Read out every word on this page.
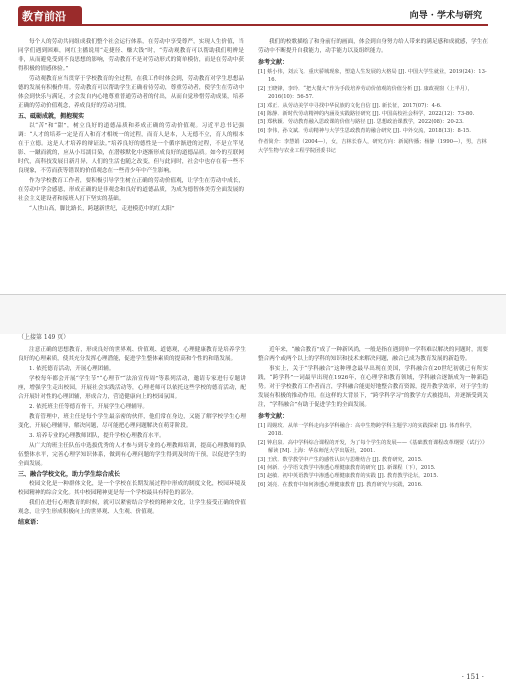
教育前沿	向导 · 学术与研究
每个人的劳动共同组成我们整个社会运行体系，在劳动中享受尊严，实现人生价值，当同学们遇到困难，网红主播说用“走捷径、赚大钱”时，“劳动观教育可以帮助我们明辨是非，从而避免受到不良思想的影响，劳动教育不是对劳动形式的简单模仿，而是在劳动中获得积极的情感体验。”
劳动观教育应当贯穿于学校教育的全过程，在我工作时体会到，劳动教育对学生思想品德的发展有积极作用。劳动教育可以帮助学生正确看待劳动，尊重劳动者，使学生在劳动中体会到快乐与满足，才会发自内心地尊重普通劳动者的付出，从而自觉珍惜劳动成果，培养正确的劳动价值观念，养成良好的劳动习惯。
五、砥砺成就，拥抱现实
以“苦”和“甜”，树立良好的道德品质和养成正确的劳动价值观。习近平总书记强调：“人才的培养一定是育人和育才相统一的过程，而育人是本，人无德不立，育人的根本在于立德。这是人才培养的辩证法。”培养良好的德性是一个循序渐进的过程，不是立竿见影、一蹴而就的，应从小耳濡目染，在潜移默化中逐渐形成良好的道德品质。如今的互联网时代，高科技发展日新月异，人们的生活也随之改变，但与此同时，社会中也存在着一些不良现象，不劳而获等错误的价值观念在一些青少年中产生影响。
作为学校教育工作者，要积极引导学生树立正确的劳动价值观，让学生在劳动中成长，在劳动中学会感恩，形成正确的是非观念和良好的道德品质，为成为德智体美劳全面发展的社会主义建设者和接班人打下坚实的基础。
“人世山高，脚比路长，跨越新世纪，走进模范中的红太阳”
我们的校歌描绘了和身前行的画面，体会到自身努力给人带来的满足感和成就感，学生在劳动中不断提升自我能力，动手能力以及组织能力。
参考文献：
[1] 蔡小伟，刘云飞．重庆骄城现象，塑造人生发展的大格局 [J]. 中国大学生就业，2019(24)：13-16.
[2] 王晓锋，李玲．“把大餐大”作为手段培养劳动价值观的价值分析 [J]. 康政视窗（上半月），2016(10)：56-57.
[3] 邓正．从劳动美学中寻找中华民族的文化自信 [J]. 新长征，2017(07)：4-6.
[4] 陈静．新时代劳动精神的内涵及实践路径研究 [J]. 中国高校社会科学，2022(12)：73-80.
[5] 郑秋颖．劳动教育融入思政课的价值与路径 [J]. 思想政治课教学，2022(08)：20-23.
[6] 李伟，孙文斌．劳动精神与大学生思政教育的融合研究 [J]. 中外交流，2018(13)：8-15.
作者简介：李慧娟（2004—），女，吉林长春人，研究方向：新闻传播；杨静（1990—），男，吉林大学生物与农业工程学院团委书记
（上接第 149 页）
注意正确的思想教育，形成良好的世界观、价值观、道德观，心理健康教育是培养学生良好的心理素质，使其充分发挥心理潜能，促进学生整体素质的提高和个性的和谐发展。
1. 依托德育活动，开展心理团辅。
学校每年都会开展“学生节”“心理节”“法治宣传周”等系列活动，邀请专家进行专题讲座，增强学生走出校园，开展社会实践活动等，心理老师可以依托这些学校的德育活动，配合开展针对性的心理团辅，形成合力，营造健康向上的校园氛围。
2. 依托班主任等德育骨干，开展学生心理辅导。
教育管理中，班主任是每个学生最亲密的伙伴，他们常在身边，又能了解学校学生心理变化，开展心理辅导，解决问题，尽可能把心理问题解决在萌芽阶段。
3. 培养专业的心理教师团队，提升学校心理教育水平。
从广大的班主任队伍中选拔优秀的人才参与到专业的心理教师培训，提高心理教师的队伍整体水平，完善心理学知识体系，做到有心理问题的学生得到及时的干预，以促进学生的全面发展。
三、融合学校文化，助力学生综合成长
校园文化是一种群体文化，是一个学校在长期发展过程中形成的制度文化，校园环境及校园精神的综合文化。其中校园精神更是每一个学校最具有特色的部分。
我们在进行心理教育的时候，就可以紧密结合学校的精神文化，让学生接受正确的价值观念，让学生形成积极向上的世界观、人生观、价值观。
结束语：
近年来，“融合教育”成了一种新风尚，一般是指在遇到单一学科难以解决的问题时，需要整合两个或两个以上的学科的知识和技术来解决问题，融合已成为教育发展的新趋势。
事实上，关于“学科融合”这种理念最早出现在美国，学科融合在20世纪初就已有所实践，“跨学科”一词最早出现在1926年，在心理学和教育领域，学科融合逐渐成为一种新趋势。对于学校教育工作者而言，学科融合能更好地整合教育资源，提升教学效率，对于学生的发展有积极的推动作用。在这样的大背景下，“跨学科学习”的教学方式被提出，并逐渐受到关注，“学科融合”有助于促进学生的全面发展。
参考文献：
[1] 周嫚玫．从单一学科走向多学科融合：高中生物跨学科主题学习的实践探索 [J]. 体育科学，2018.
[2] 钟启泉．高中学科综合课程的开发，为了每个学生的发展——《基础教育课程改革纲要（试行）》解读 [M]. 上海：华东师范大学出版社，2001.
[3] 王欣．数学教学中产生的感性认识与思维结合 [J]. 教育研究，2015.
[4] 何新．小学语文教学中渗透心理健康教育的研究 [J]. 新课程（下），2015.
[5] 赵敏．初中英语教学中渗透心理健康教育的实践 [J]. 教育教学论坛，2015.
[6] 刘亮．在教育中如何渗透心理健康教育 [J]. 教育研究与实践，2016.
· 151 ·
